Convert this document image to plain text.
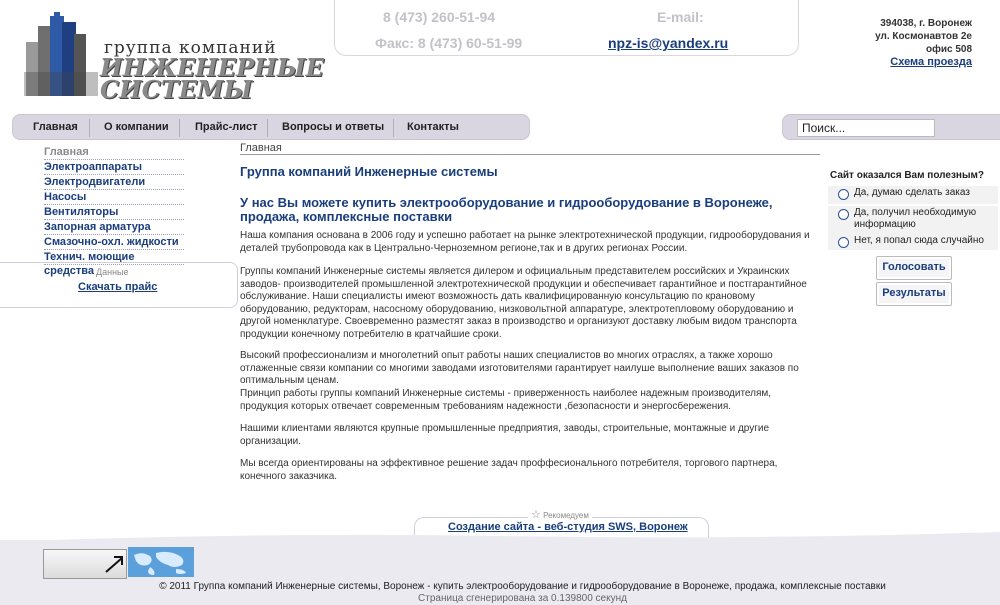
группа компаний
ИНЖЕНЕРНЫЕ
СИСТЕМЫ
8 (473) 260-51-94
Факс: 8 (473) 60-51-99
E-mail:
npz-is@yandex.ru
394038, г. Воронеж
ул. Космонавтов 2е
офис 508
Схема проезда
Главная О компании Прайс-лист Вопросы и ответы Контакты
Поиск...
Главная
Электроаппараты
Электродвигатели
Насосы
Вентиляторы
Запорная арматура
Смазочно-охл. жидкости
Технич. моющие средства Данные
Скачать прайс
Главная
Группа компаний Инженерные системы
У нас Вы можете купить электрооборудование и гидрооборудование в Воронеже, продажа, комплексные поставки

Наша компания основана в 2006 году и успешно работает на рынке электротехнической продукции, гидрооборудования и деталей трубопровода как в Центрально-Черноземном регионе,так и в других регионах России.

Группы компаний Инженерные системы является дилером и официальным представителем российских и Украинских заводов- производителей промышленной электротехнической продукции и обеспечивает гарантийное и постгарантийное обслуживание. Наши специалисты имеют возможность дать квалифицированную консультацию по крановому оборудованию, редукторам, насосному оборудованию, низковольтной аппаратуре, электротепловому оборудованию и другой номенклатуре. Своевременно разместят заказ в производство и организуют доставку любым видом транспорта продукции конечному потребителю в кратчайшие сроки.

Высокий профессионализм и многолетний опыт работы наших специалистов во многих отраслях, а также хорошо отлаженные связи компании со многими заводами изготовителями гарантирует наилуше выполнение ваших заказов по оптимальным ценам.

Принцип работы группы компаний Инженерные системы - приверженность наиболее надежным производителям, продукция которых отвечает современным требованиям надежности ,безопасности и энергосбережения.

Нашими клиентами являются крупные промышленные предприятия, заводы, строительные, монтажные и другие организации.

Мы всегда ориентированы на эффективное решение задач проффесионального потребителя, торгового партнера, конечного заказчика.

Сайт оказался Вам полезным?
Да, думаю сделать заказ
Да, получил необходимую информацию
Нет, я попал сюда случайно
Голосовать
Результаты
☆ Рекомедуем
Создание сайта - веб-студия SWS, Воронеж
© 2011 Группа компаний Инженерные системы, Воронеж - купить электрооборудование и гидрооборудование в Воронеже, продажа, комплексные поставки
Страница сгенерирована за 0.139800 секунд
